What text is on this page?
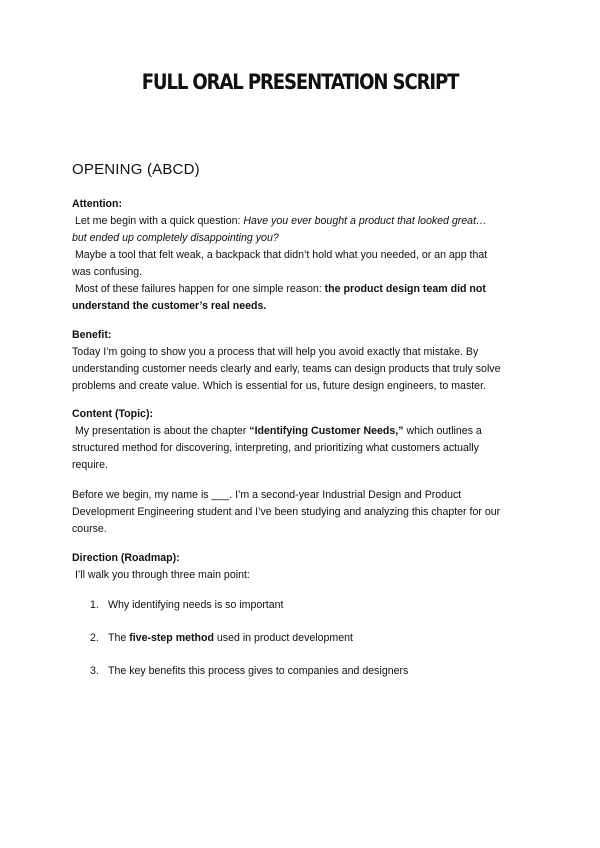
FULL ORAL PRESENTATION SCRIPT
OPENING (ABCD)
Attention:

Let me begin with a quick question: Have you ever bought a product that looked great…

but ended up completely disappointing you?

Maybe a tool that felt weak, a backpack that didn’t hold what you needed, or an app that

was confusing.

Most of these failures happen for one simple reason: the product design team did not

understand the customer’s real needs.

Benefit:

Today I’m going to show you a process that will help you avoid exactly that mistake. By

understanding customer needs clearly and early, teams can design products that truly solve

problems and create value. Which is essential for us, future design engineers, to master.

Content (Topic):

My presentation is about the chapter “Identifying Customer Needs,” which outlines a

structured method for discovering, interpreting, and prioritizing what customers actually

require.

Before we begin, my name is ___. I’m a second-year Industrial Design and Product

Development Engineering student and I’ve been studying and analyzing this chapter for our

course.

Direction (Roadmap):

I’ll walk you through three main point:

1. Why identifying needs is so important
2. The five-step method used in product development
3. The key benefits this process gives to companies and designers
